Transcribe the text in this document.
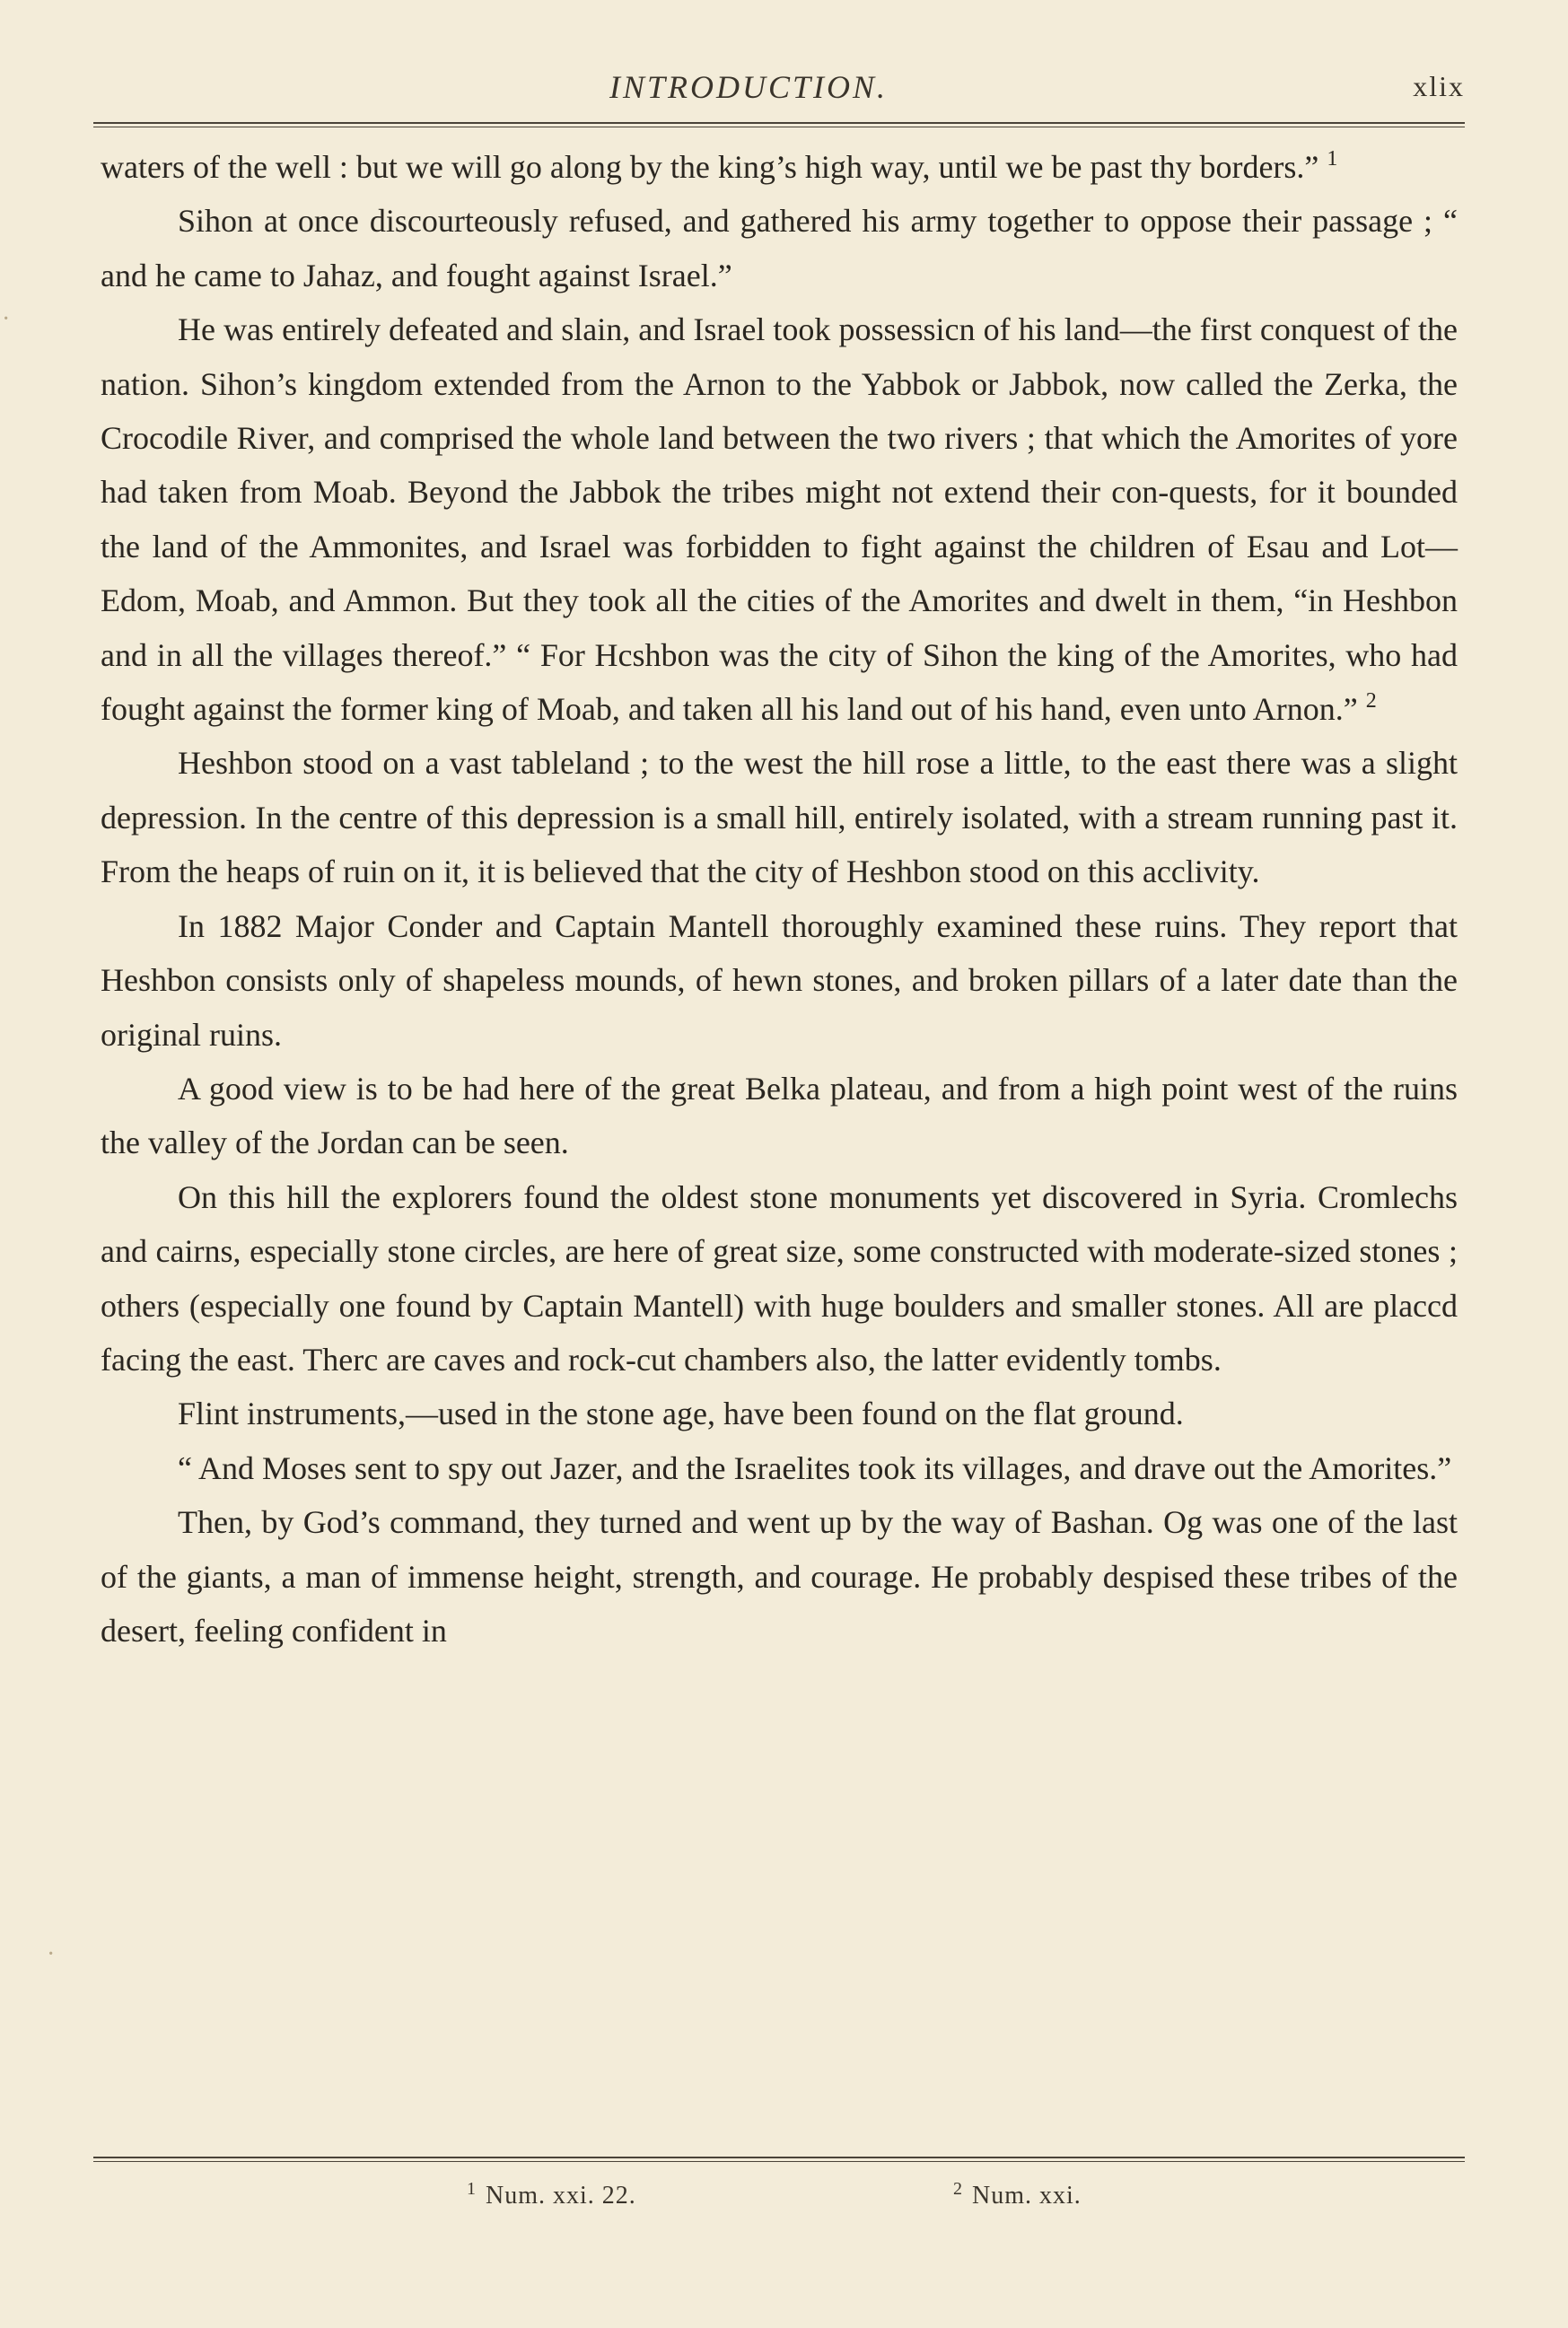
INTRODUCTION.	xlix

waters of the well : but we will go along by the king’s high way, until we be past thy borders.” $^1$

Sihon at once discourteously refused, and gathered his army together to oppose their passage ; “ and he came to Jahaz, and fought against Israel.”

He was entirely defeated and slain, and Israel took possessicn of his land—the first conquest of the nation. Sihon’s kingdom extended from the Arnon to the Yabbok or Jabbok, now called the Zerka, the Crocodile River, and comprised the whole land between the two rivers ; that which the Amorites of yore had taken from Moab. Beyond the Jabbok the tribes might not extend their con-quests, for it bounded the land of the Ammonites, and Israel was forbidden to fight against the children of Esau and Lot—Edom, Moab, and Ammon. But they took all the cities of the Amorites and dwelt in them, “in Heshbon and in all the villages thereof.” “ For Hcshbon was the city of Sihon the king of the Amorites, who had fought against the former king of Moab, and taken all his land out of his hand, even unto Arnon.” $^2$

Heshbon stood on a vast tableland ; to the west the hill rose a little, to the east there was a slight depression. In the centre of this depression is a small hill, entirely isolated, with a stream running past it. From the heaps of ruin on it, it is believed that the city of Heshbon stood on this acclivity.

In 1882 Major Conder and Captain Mantell thoroughly examined these ruins. They report that Heshbon consists only of shapeless mounds, of hewn stones, and broken pillars of a later date than the original ruins.

A good view is to be had here of the great Belka plateau, and from a high point west of the ruins the valley of the Jordan can be seen.

On this hill the explorers found the oldest stone monuments yet discovered in Syria. Cromlechs and cairns, especially stone circles, are here of great size, some constructed with moderate-sized stones ; others (especially one found by Captain Mantell) with huge boulders and smaller stones. All are placcd facing the east. Therc are caves and rock-cut chambers also, the latter evidently tombs.

Flint instruments,—used in the stone age, have been found on the flat ground.

“ And Moses sent to spy out Jazer, and the Israelites took its villages, and drave out the Amorites.”

Then, by God’s command, they turned and went up by the way of Bashan. Og was one of the last of the giants, a man of immense height, strength, and courage. He probably despised these tribes of the desert, feeling confident in

$^1$ Num. xxi. 22.	$^2$ Num. xxi.
·
·
